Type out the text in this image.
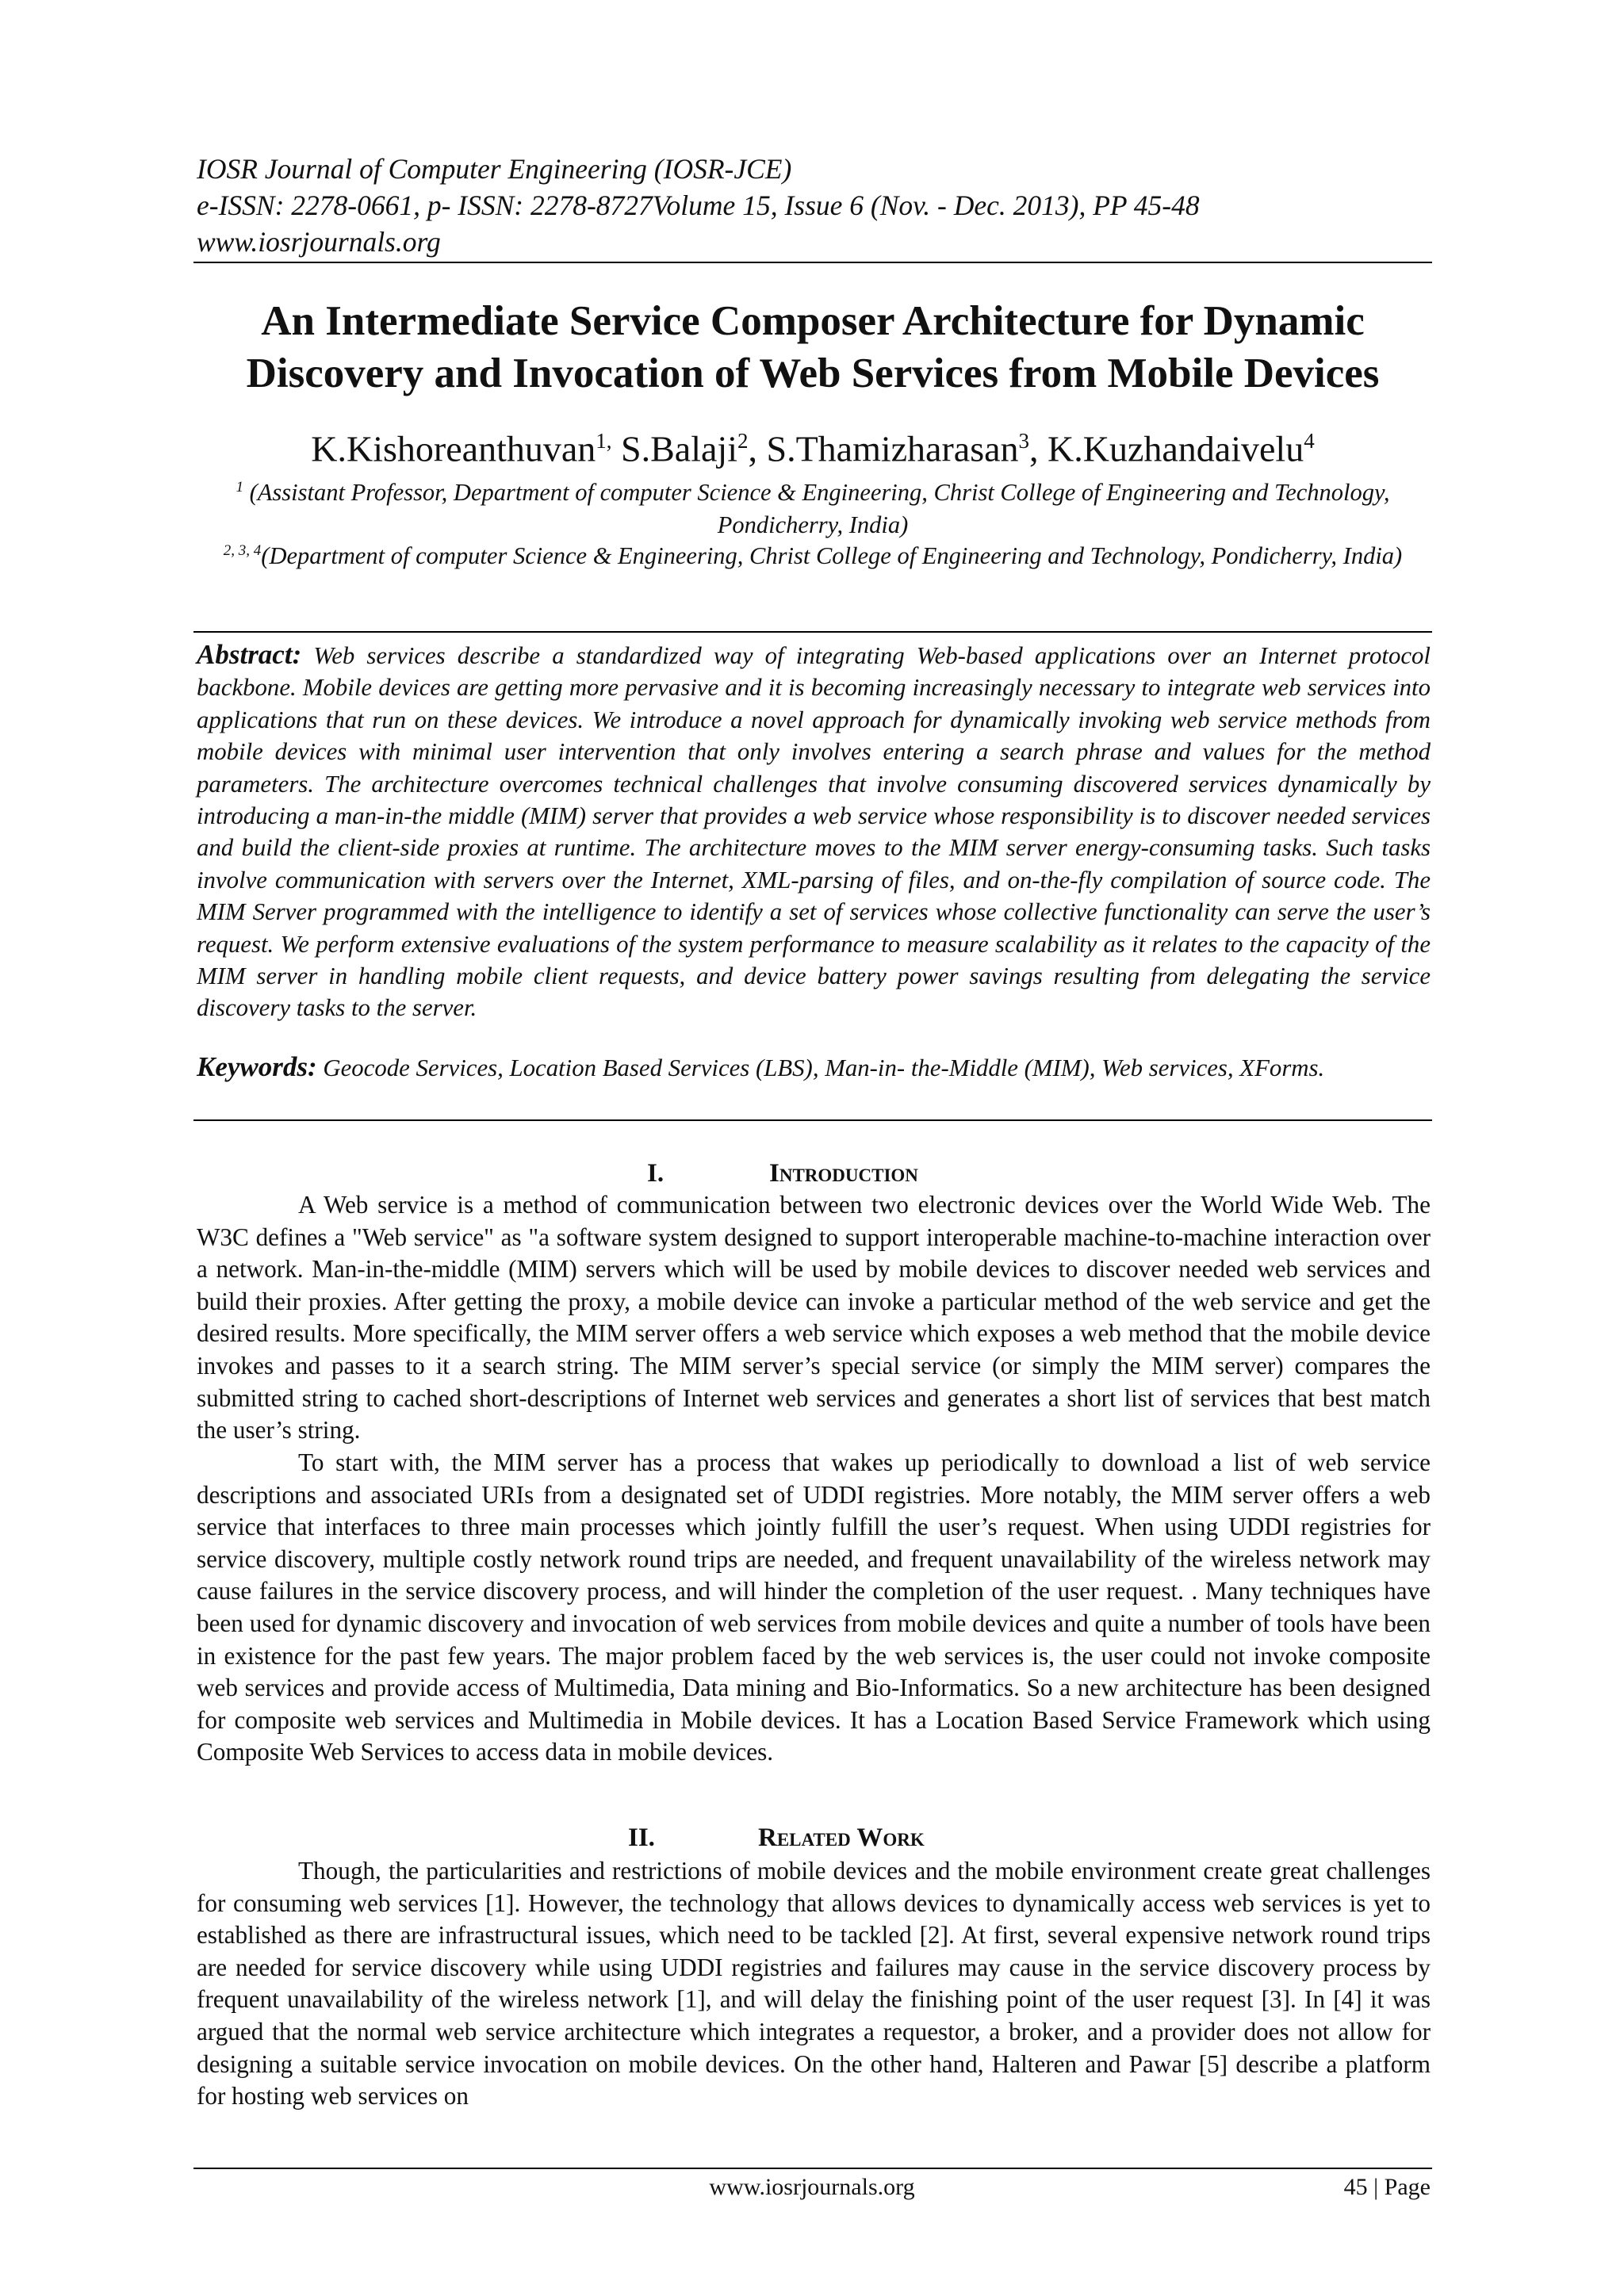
IOSR Journal of Computer Engineering (IOSR-JCE)

e-ISSN: 2278-0661, p- ISSN: 2278-8727Volume 15, Issue 6 (Nov. - Dec. 2013), PP 45-48

www.iosrjournals.org

An Intermediate Service Composer Architecture for Dynamic
Discovery and Invocation of Web Services from Mobile Devices

K.Kishoreanthuvan$^{1,}$ S.Balaji$^2$, S.Thamizharasan$^3$, K.Kuzhandaivelu$^4$

$^1$ (Assistant Professor, Department of computer Science & Engineering, Christ College of Engineering and Technology, Pondicherry, India)

$^{2, 3, 4}$(Department of computer Science & Engineering, Christ College of Engineering and Technology, Pondicherry, India)

Abstract: Web services describe a standardized way of integrating Web-based applications over an Internet protocol backbone. Mobile devices are getting more pervasive and it is becoming increasingly necessary to integrate web services into applications that run on these devices. We introduce a novel approach for dynamically invoking web service methods from mobile devices with minimal user intervention that only involves entering a search phrase and values for the method parameters. The architecture overcomes technical challenges that involve consuming discovered services dynamically by introducing a man-in-the middle (MIM) server that provides a web service whose responsibility is to discover needed services and build the client-side proxies at runtime. The architecture moves to the MIM server energy-consuming tasks. Such tasks involve communication with servers over the Internet, XML-parsing of files, and on-the-fly compilation of source code. The MIM Server programmed with the intelligence to identify a set of services whose collective functionality can serve the user’s request. We perform extensive evaluations of the system performance to measure scalability as it relates to the capacity of the MIM server in handling mobile client requests, and device battery power savings resulting from delegating the service discovery tasks to the server.

Keywords: Geocode Services, Location Based Services (LBS), Man-in- the-Middle (MIM), Web services, XForms.

I.	Introduction

A Web service is a method of communication between two electronic devices over the World Wide Web. The W3C defines a "Web service" as "a software system designed to support interoperable machine-to-machine interaction over a network. Man-in-the-middle (MIM) servers which will be used by mobile devices to discover needed web services and build their proxies. After getting the proxy, a mobile device can invoke a particular method of the web service and get the desired results. More specifically, the MIM server offers a web service which exposes a web method that the mobile device invokes and passes to it a search string. The MIM server’s special service (or simply the MIM server) compares the submitted string to cached short-descriptions of Internet web services and generates a short list of services that best match the user’s string.

To start with, the MIM server has a process that wakes up periodically to download a list of web service descriptions and associated URIs from a designated set of UDDI registries. More notably, the MIM server offers a web service that interfaces to three main processes which jointly fulfill the user’s request. When using UDDI registries for service discovery, multiple costly network round trips are needed, and frequent unavailability of the wireless network may cause failures in the service discovery process, and will hinder the completion of the user request. . Many techniques have been used for dynamic discovery and invocation of web services from mobile devices and quite a number of tools have been in existence for the past few years. The major problem faced by the web services is, the user could not invoke composite web services and provide access of Multimedia, Data mining and Bio-Informatics. So a new architecture has been designed for composite web services and Multimedia in Mobile devices. It has a Location Based Service Framework which using Composite Web Services to access data in mobile devices.

II.	Related Work

Though, the particularities and restrictions of mobile devices and the mobile environment create great challenges for consuming web services [1]. However, the technology that allows devices to dynamically access web services is yet to established as there are infrastructural issues, which need to be tackled [2]. At first, several expensive network round trips are needed for service discovery while using UDDI registries and failures may cause in the service discovery process by frequent unavailability of the wireless network [1], and will delay the finishing point of the user request [3]. In [4] it was argued that the normal web service architecture which integrates a requestor, a broker, and a provider does not allow for designing a suitable service invocation on mobile devices. On the other hand, Halteren and Pawar [5] describe a platform for hosting web services on

www.iosrjournals.org	45 | Page
